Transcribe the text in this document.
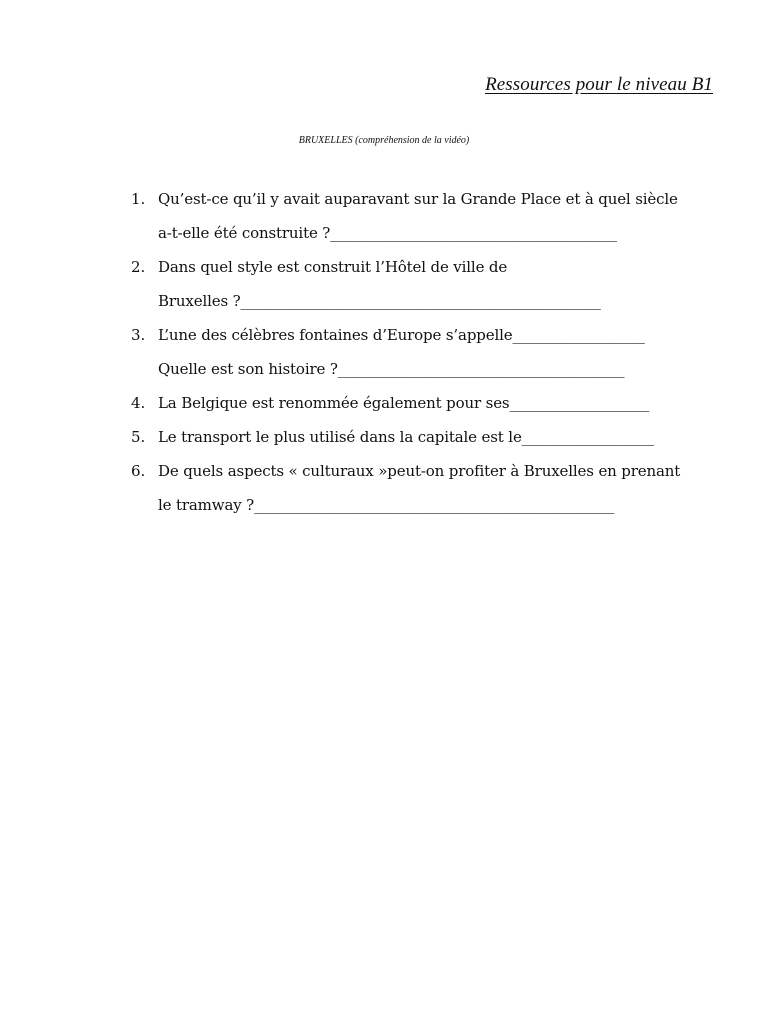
Ressources pour le niveau B1
BRUXELLES (compréhension de la vidéo)
1. Qu’est-ce qu’il y avait auparavant sur la Grande Place et à quel siècle
a-t-elle été construite ?_______________________________________
2. Dans quel style est construit l’Hôtel de ville de
Bruxelles ?_________________________________________________
3. L’une des célèbres fontaines d’Europe s’appelle__________________
Quelle est son histoire ?_______________________________________
4. La Belgique est renommée également pour ses___________________
5. Le transport le plus utilisé dans la capitale est le__________________
6. De quels aspects « culturaux »peut-on profiter à Bruxelles en prenant
le tramway ?_________________________________________________
